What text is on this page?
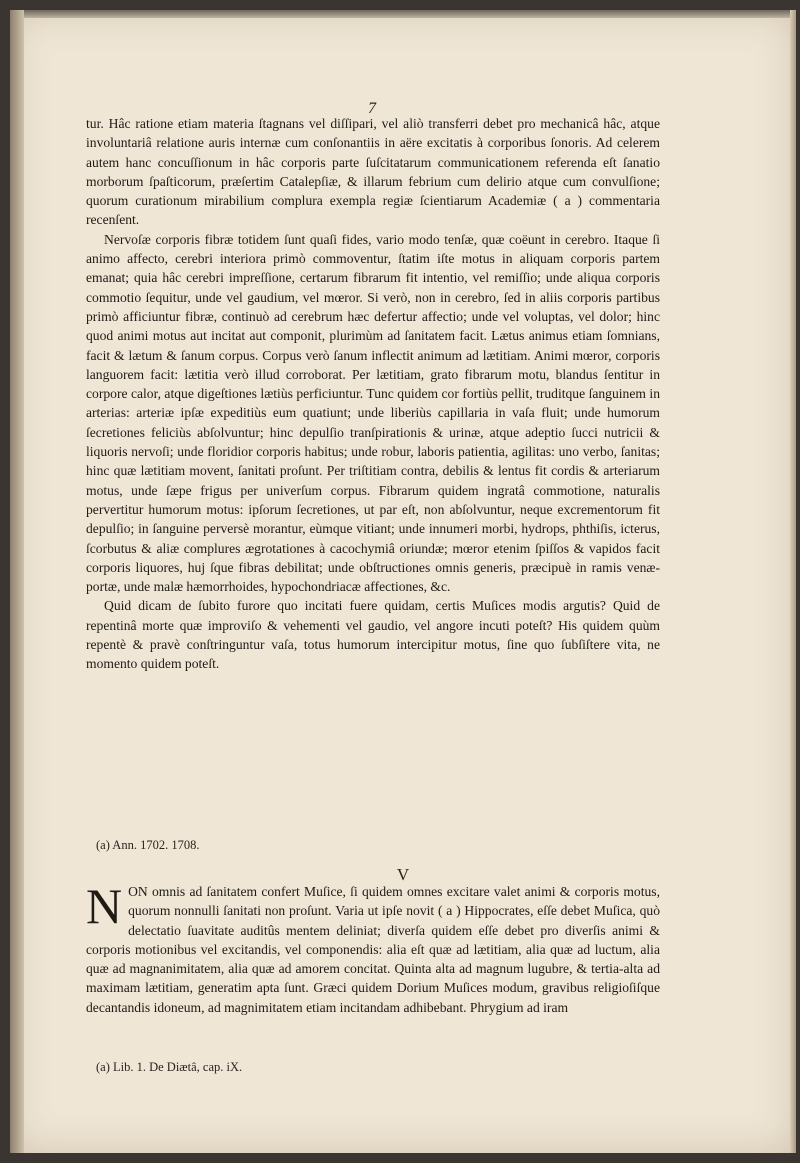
7

tur. Hâc ratione etiam materia ſtagnans vel diſſipari, vel aliò transferri debet pro mechanicâ hâc, atque involuntariâ relatione auris internæ cum conſonantiis in aëre excitatis à corporibus ſonoris. Ad celerem autem hanc concuſſionum in hâc corporis parte ſuſcitatarum communicationem referenda eſt ſanatio morborum ſpaſticorum, præſertim Catalepſiæ, & illarum febrium cum delirio atque cum convulſione; quorum curationum mirabilium complura exempla regiæ ſcientiarum Academiæ ( a ) commentaria recenſent.

Nervoſæ corporis fibræ totidem ſunt quaſi fides, vario modo tenſæ, quæ coëunt in cerebro. Itaque ſi animo affecto, cerebri interiora primò commoventur, ſtatim iſte motus in aliquam corporis partem emanat; quia hâc cerebri impreſſione, certarum fibrarum fit intentio, vel remiſſio; unde aliqua corporis commotio ſequitur, unde vel gaudium, vel mœror. Si verò, non in cerebro, ſed in aliis corporis partibus primò afficiuntur fibræ, continuò ad cerebrum hæc defertur affectio; unde vel voluptas, vel dolor; hinc quod animi motus aut incitat aut componit, plurimùm ad ſanitatem facit. Lætus animus etiam ſomnians, facit & lætum & ſanum corpus. Corpus verò ſanum inflectit animum ad lætitiam. Animi mœror, corporis languorem facit: lætitia verò illud corroborat. Per lætitiam, grato fibrarum motu, blandus ſentitur in corpore calor, atque digeſtiones lætiùs perficiuntur. Tunc quidem cor fortiùs pellit, truditque ſanguinem in arterias: arteriæ ipſæ expeditiùs eum quatiunt; unde liberiùs capillaria in vaſa fluit; unde humorum ſecretiones feliciùs abſolvuntur; hinc depulſio tranſpirationis & urinæ, atque adeptio ſucci nutricii & liquoris nervoſi; unde floridior corporis habitus; unde robur, laboris patientia, agilitas: uno verbo, ſanitas; hinc quæ lætitiam movent, ſanitati proſunt. Per triſtitiam contra, debilis & lentus fit cordis & arteriarum motus, unde ſæpe frigus per univerſum corpus. Fibrarum quidem ingratâ commotione, naturalis pervertitur humorum motus: ipſorum ſecretiones, ut par eſt, non abſolvuntur, neque excrementorum fit depulſio; in ſanguine perversè morantur, eùmque vitiant; unde innumeri morbi, hydrops, phthiſis, icterus, ſcorbutus & aliæ complures ægrotationes à cacochymiâ oriundæ; mœror etenim ſpiſſos & vapidos facit corporis liquores, huj ſque fibras debilitat; unde obſtructiones omnis generis, præcipuè in ramis venæ-portæ, unde malæ hæmorrhoides, hypochondriacæ affectiones, &c.

Quid dicam de ſubito furore quo incitati fuere quidam, certis Muſices modis argutis? Quid de repentinâ morte quæ improviſo & vehementi vel gaudio, vel angore incuti poteſt? His quidem quùm repentè & pravè conſtringuntur vaſa, totus humorum intercipitur motus, ſine quo ſubſiſtere vita, ne momento quidem poteſt.

(a) Ann. 1702. 1708.
V
N ON omnis ad ſanitatem confert Muſice, ſi quidem omnes excitare valet animi & corporis motus, quorum nonnulli ſanitati non proſunt. Varia ut ipſe novit ( a ) Hippocrates, eſſe debet Muſica, quò delectatio ſuavitate auditûs mentem deliniat; diverſa quidem eſſe debet pro diverſis animi & corporis motionibus vel excitandis, vel componendis: alia eſt quæ ad lætitiam, alia quæ ad luctum, alia quæ ad magnanimitatem, alia quæ ad amorem concitat. Quinta alta ad magnum lugubre, & tertia-alta ad maximam lætitiam, generatim apta ſunt. Græci quidem Dorium Muſices modum, gravibus religioſiſque decantandis idoneum, ad magnimitatem etiam incitandam adhibebant. Phrygium ad iram
(a) Lib. 1. De Diætâ, cap. iX.
